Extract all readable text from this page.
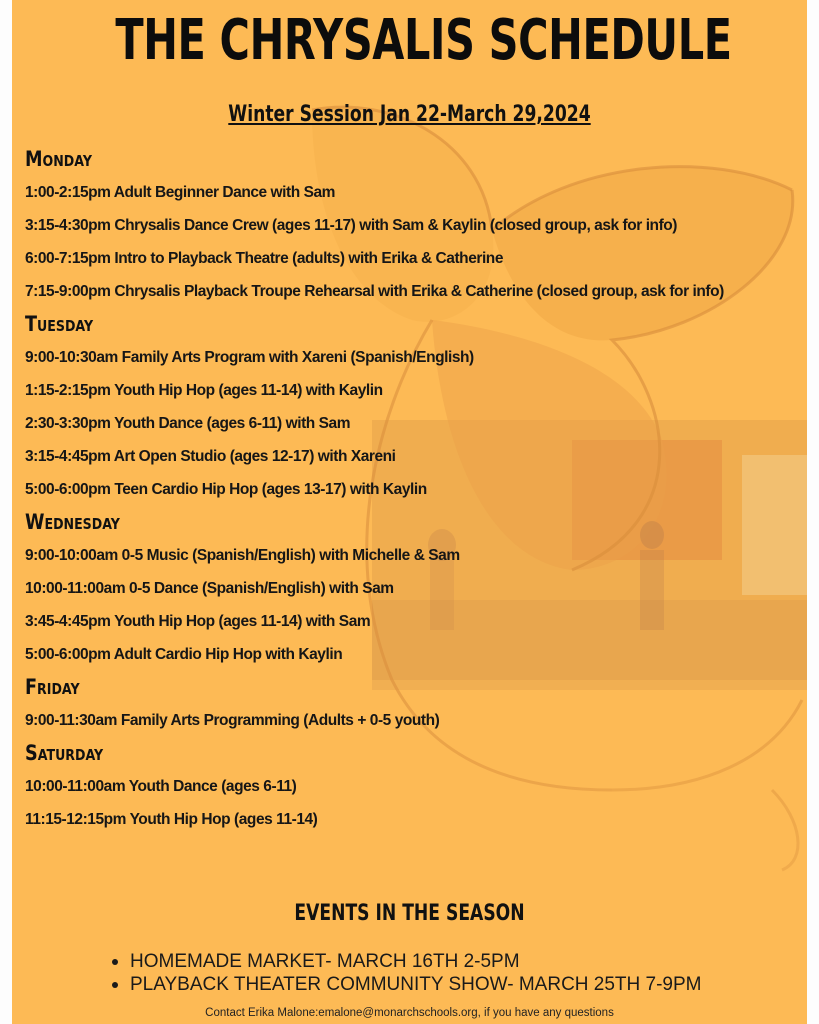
THE CHRYSALIS SCHEDULE
Winter Session Jan 22-March 29,2024
Monday
1:00-2:15pm Adult Beginner Dance with Sam
3:15-4:30pm Chrysalis Dance Crew (ages 11-17) with Sam & Kaylin (closed group, ask for info)
6:00-7:15pm Intro to Playback Theatre (adults) with Erika & Catherine
7:15-9:00pm Chrysalis Playback Troupe Rehearsal with Erika & Catherine (closed group, ask for info)
Tuesday
9:00-10:30am Family Arts Program with Xareni (Spanish/English)
1:15-2:15pm Youth Hip Hop (ages 11-14) with Kaylin
2:30-3:30pm Youth Dance (ages 6-11) with Sam
3:15-4:45pm Art Open Studio (ages 12-17) with Xareni
5:00-6:00pm Teen Cardio Hip Hop (ages 13-17) with Kaylin
Wednesday
9:00-10:00am 0-5 Music (Spanish/English) with Michelle & Sam
10:00-11:00am 0-5 Dance (Spanish/English) with Sam
3:45-4:45pm Youth Hip Hop (ages 11-14) with Sam
5:00-6:00pm Adult Cardio Hip Hop with Kaylin
Friday
9:00-11:30am Family Arts Programming (Adults + 0-5 youth)
Saturday
10:00-11:00am Youth Dance (ages 6-11)
11:15-12:15pm Youth Hip Hop (ages 11-14)
EVENTS IN THE SEASON
HOMEMADE MARKET- MARCH 16TH 2-5PM
PLAYBACK THEATER COMMUNITY SHOW- MARCH 25TH 7-9PM
Contact Erika Malone:emalone@monarchschools.org, if you have any questions
